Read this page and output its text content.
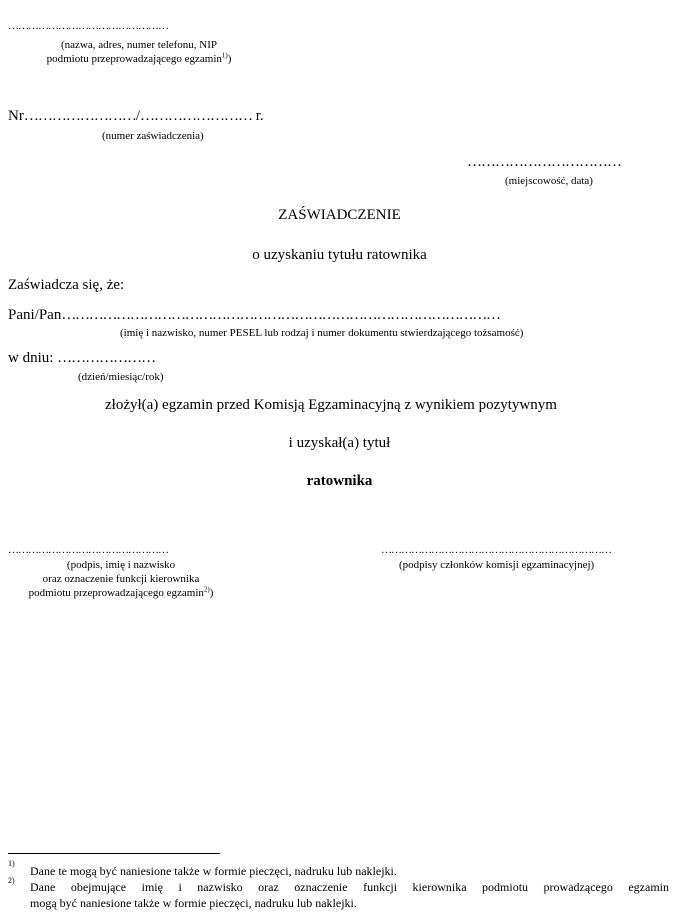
…………………………………………
(nazwa, adres, numer telefonu, NIP
podmiotu przeprowadzającego egzamin$^{1)}$)
Nr……………………/…………………… r.
(numer zaświadczenia)
……………………………
(miejscowość, data)
ZAŚWIADCZENIE
o uzyskaniu tytułu ratownika
Zaświadcza się, że:
Pani/Pan……………………………………………………………………………………
(imię i nazwisko, numer PESEL lub rodzaj i numer dokumentu stwierdzającego tożsamość)
w dniu: …………………
(dzień/miesiąc/rok)
złożył(a) egzamin przed Komisją Egzaminacyjną z wynikiem pozytywnym
i uzyskał(a) tytuł
ratownika
…………………………………………
(podpis, imię i nazwisko
oraz oznaczenie funkcji kierownika
podmiotu przeprowadzającego egzamin$^{2)}$)
……………………………………………………………
(podpisy członków komisji egzaminacyjnej)
1)
Dane te mogą być naniesione także w formie pieczęci, nadruku lub naklejki.
2) Dane obejmujące imię i nazwisko oraz oznaczenie funkcji kierownika podmiotu prowadzącego egzamin
mogą być naniesione także w formie pieczęci, nadruku lub naklejki.
